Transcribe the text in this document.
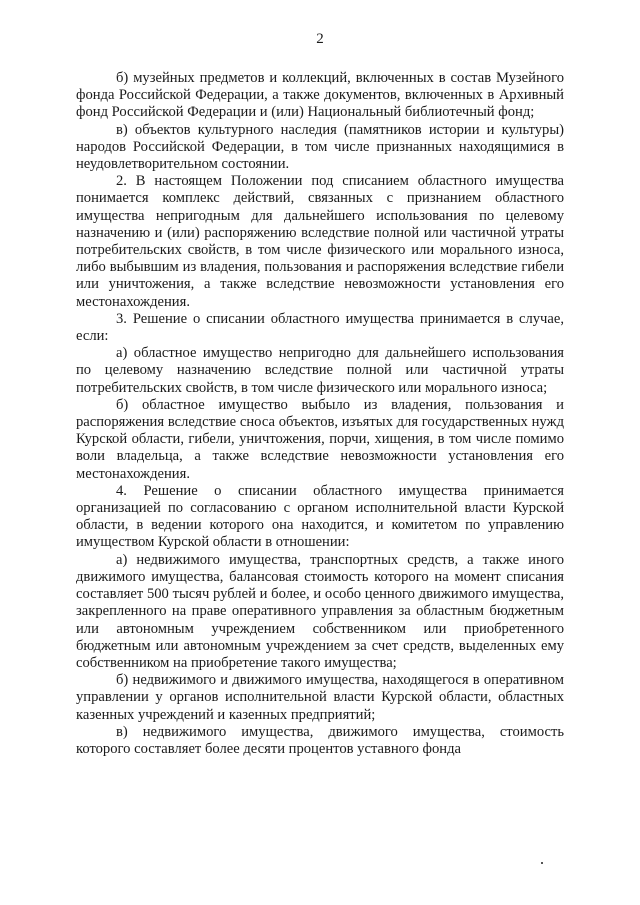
2

б) музейных предметов и коллекций, включенных в состав Музейного фонда Российской Федерации, а также документов, включенных в Архивный фонд Российской Федерации и (или) Национальный библиотечный фонд;

в) объектов культурного наследия (памятников истории и культуры) народов Российской Федерации, в том числе признанных находящимися в неудовлетворительном состоянии.

2. В настоящем Положении под списанием областного имущества понимается комплекс действий, связанных с признанием областного имущества непригодным для дальнейшего использования по целевому назначению и (или) распоряжению вследствие полной или частичной утраты потребительских свойств, в том числе физического или морального износа, либо выбывшим из владения, пользования и распоряжения вследствие гибели или уничтожения, а также вследствие невозможности установления его местонахождения.

3. Решение о списании областного имущества принимается в случае, если:

а) областное имущество непригодно для дальнейшего использования по целевому назначению вследствие полной или частичной утраты потребительских свойств, в том числе физического или морального износа;

б) областное имущество выбыло из владения, пользования и распоряжения вследствие сноса объектов, изъятых для государственных нужд Курской области, гибели, уничтожения, порчи, хищения, в том числе помимо воли владельца, а также вследствие невозможности установления его местонахождения.

4. Решение о списании областного имущества принимается организацией по согласованию с органом исполнительной власти Курской области, в ведении которого она находится, и комитетом по управлению имуществом Курской области в отношении:

а) недвижимого имущества, транспортных средств, а также иного движимого имущества, балансовая стоимость которого на момент списания составляет 500 тысяч рублей и более, и особо ценного движимого имущества, закрепленного на праве оперативного управления за областным бюджетным или автономным учреждением собственником или приобретенного бюджетным или автономным учреждением за счет средств, выделенных ему собственником на приобретение такого имущества;

б) недвижимого и движимого имущества, находящегося в оперативном управлении у органов исполнительной власти Курской области, областных казенных учреждений и казенных предприятий;

в) недвижимого имущества, движимого имущества, стоимость которого составляет более десяти процентов уставного фонда
